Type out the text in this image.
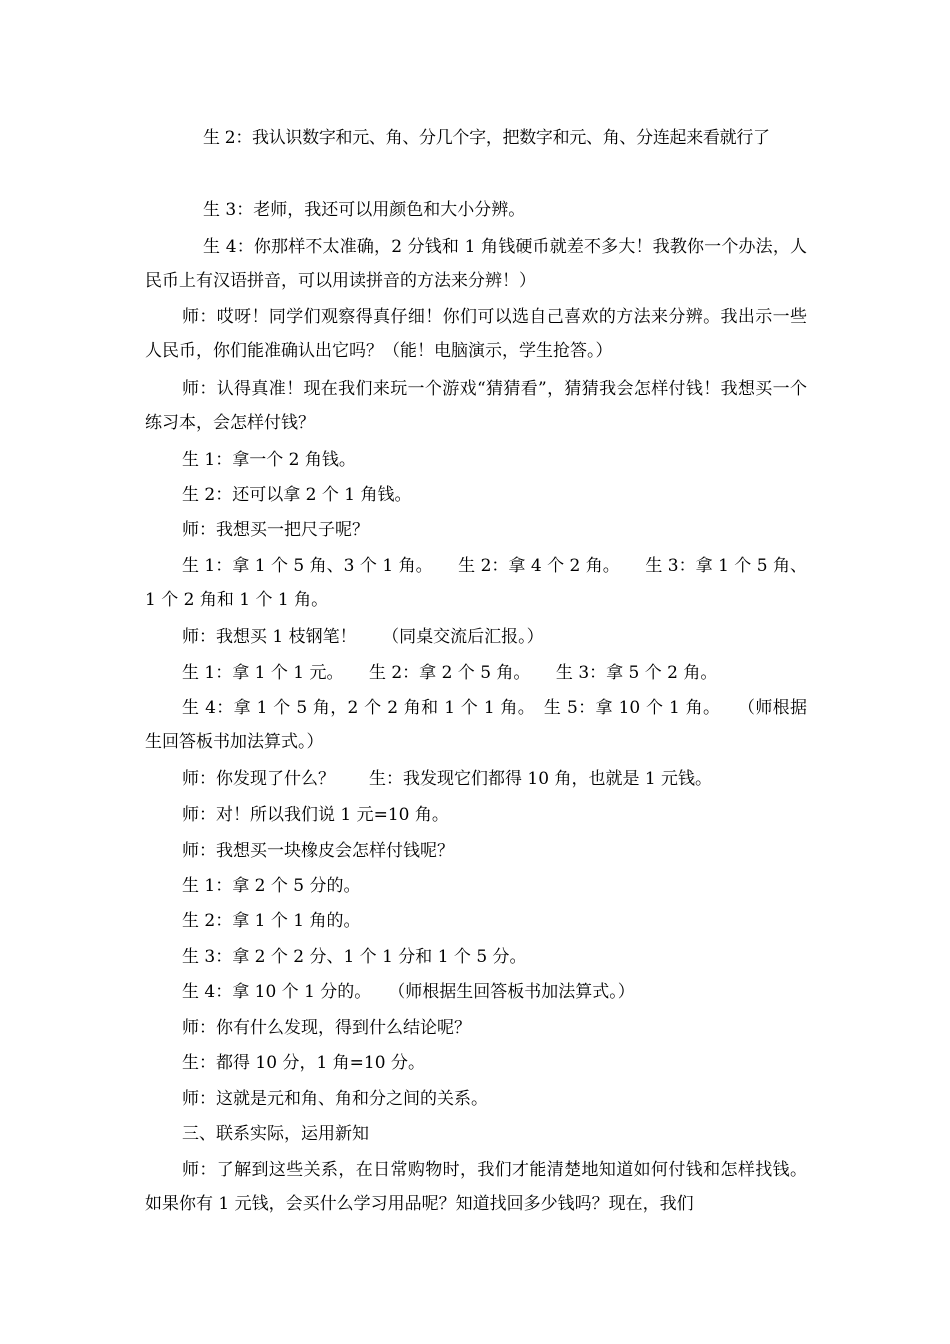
生 2：我认识数字和元、角、分几个字，把数字和元、角、分连起来看就行了

生 3：老师，我还可以用颜色和大小分辨。

生 4：你那样不太准确，2 分钱和 1 角钱硬币就差不多大！我教你一个办法，人民币上有汉语拼音，可以用读拼音的方法来分辨！）

师：哎呀！同学们观察得真仔细！你们可以选自己喜欢的方法来分辨。我出示一些人民币，你们能准确认出它吗？（能！电脑演示，学生抢答。）

师：认得真准！现在我们来玩一个游戏“猜猜看”，猜猜我会怎样付钱！我想买一个练习本，会怎样付钱？

生 1：拿一个 2 角钱。

生 2：还可以拿 2 个 1 角钱。

师：我想买一把尺子呢？

生 1：拿 1 个 5 角、3 个 1 角。　　生 2：拿 4 个 2 角。　　生 3：拿 1 个 5 角、1 个 2 角和 1 个 1 角。

师：我想买 1 枝钢笔！　　（同桌交流后汇报。）

生 1：拿 1 个 1 元。　　生 2：拿 2 个 5 角。　　生 3：拿 5 个 2 角。

生 4：拿 1 个 5 角，2 个 2 角和 1 个 1 角。　生 5：拿 10 个 1 角。　　（师根据生回答板书加法算式。）

师：你发现了什么？　　生：我发现它们都得 10 角，也就是 1 元钱。

师：对！所以我们说 1 元=10 角。

师：我想买一块橡皮会怎样付钱呢？

生 1：拿 2 个 5 分的。

生 2：拿 1 个 1 角的。

生 3：拿 2 个 2 分、1 个 1 分和 1 个 5 分。

生 4：拿 10 个 1 分的。　　（师根据生回答板书加法算式。）

师：你有什么发现，得到什么结论呢？

生：都得 10 分，1 角=10 分。

师：这就是元和角、角和分之间的关系。

三、联系实际，运用新知

师：了解到这些关系，在日常购物时，我们才能清楚地知道如何付钱和怎样找钱。如果你有 1 元钱，会买什么学习用品呢？知道找回多少钱吗？现在，我们
